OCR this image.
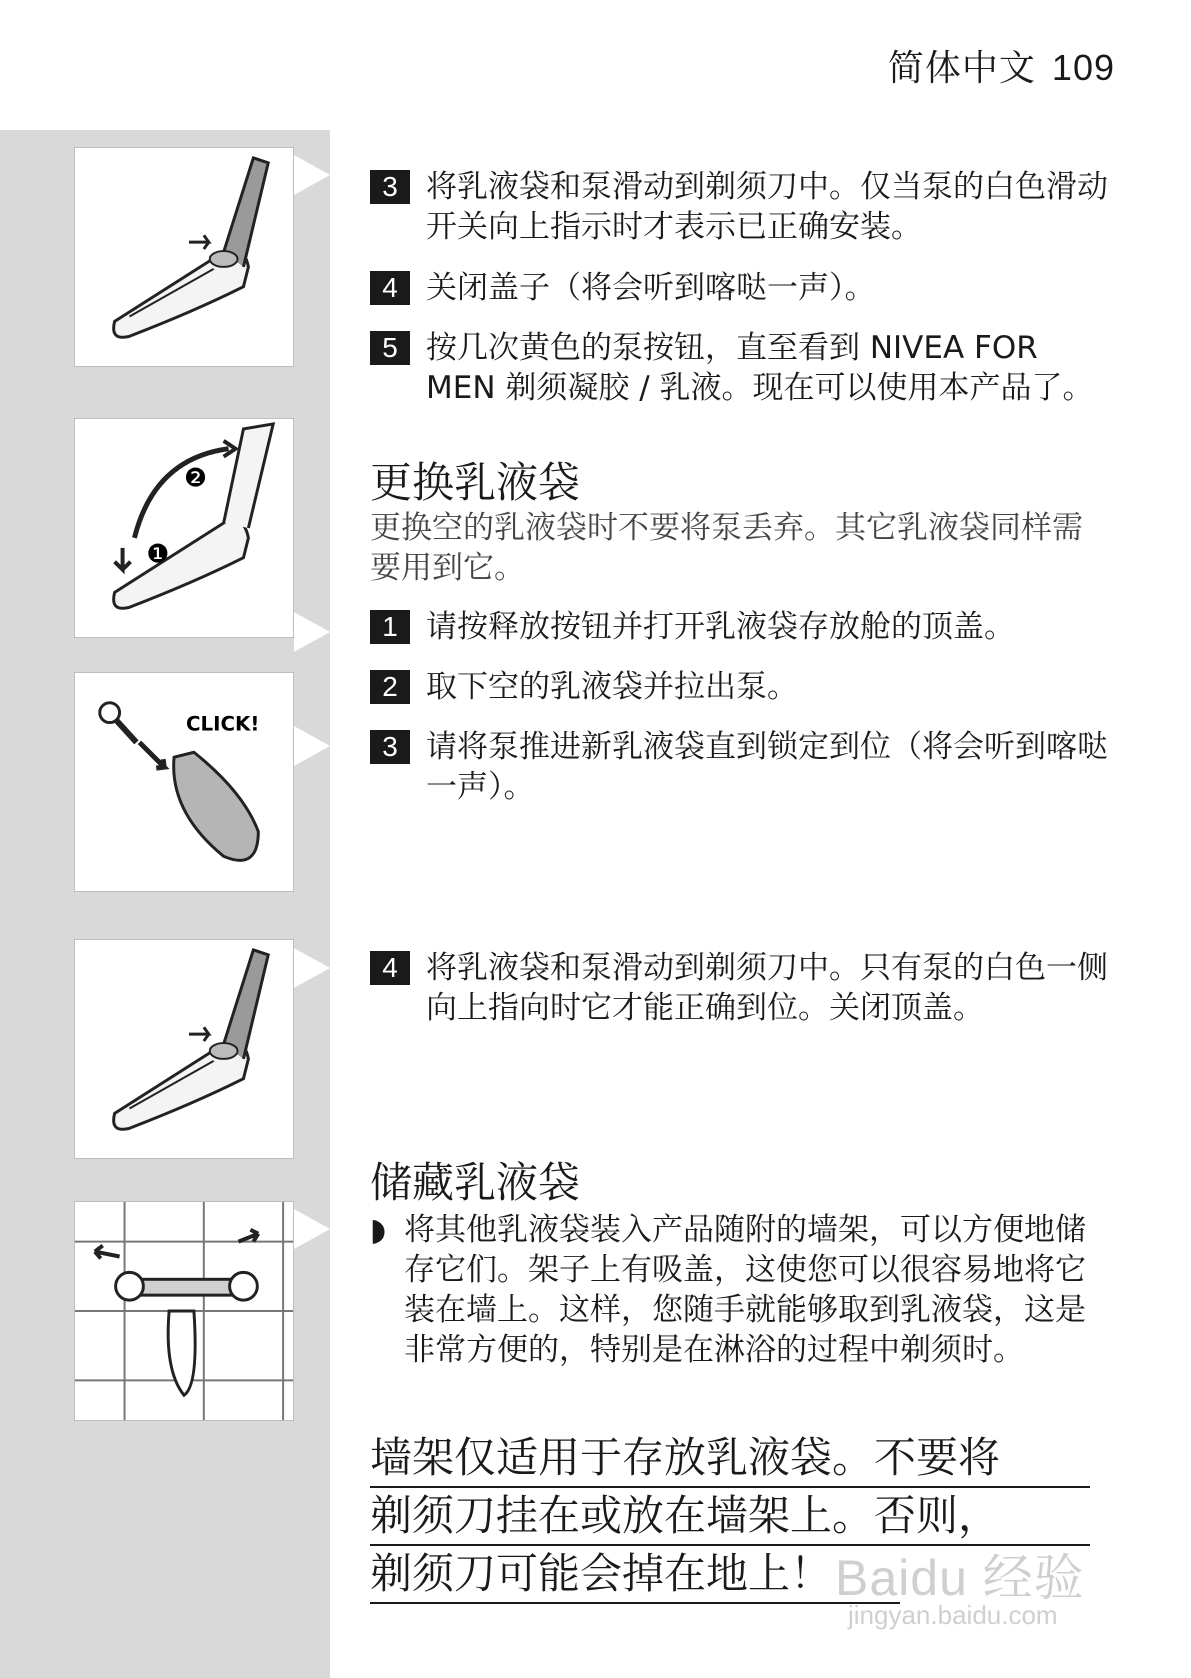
简体中文 109
❷
❶
CLICK!
3 将乳液袋和泵滑动到剃须刀中。仅当泵的白色滑动开关向上指示时才表示已正确安装。
4 关闭盖子（将会听到喀哒一声）。
5 按几次黄色的泵按钮，直至看到 NIVEA FOR MEN 剃须凝胶 / 乳液。现在可以使用本产品了。
更换乳液袋
更换空的乳液袋时不要将泵丢弃。其它乳液袋同样需要用到它。
1 请按释放按钮并打开乳液袋存放舱的顶盖。
2 取下空的乳液袋并拉出泵。
3 请将泵推进新乳液袋直到锁定到位（将会听到喀哒一声）。
4 将乳液袋和泵滑动到剃须刀中。只有泵的白色一侧向上指向时它才能正确到位。关闭顶盖。
储藏乳液袋
◗ 将其他乳液袋装入产品随附的墙架，可以方便地储存它们。架子上有吸盖，这使您可以很容易地将它装在墙上。这样，您随手就能够取到乳液袋，这是非常方便的，特别是在淋浴的过程中剃须时。
墙架仅适用于存放乳液袋。不要将
剃须刀挂在或放在墙架上。否则，
剃须刀可能会掉在地上！ Baidu 经验
jingyan.baidu.com
